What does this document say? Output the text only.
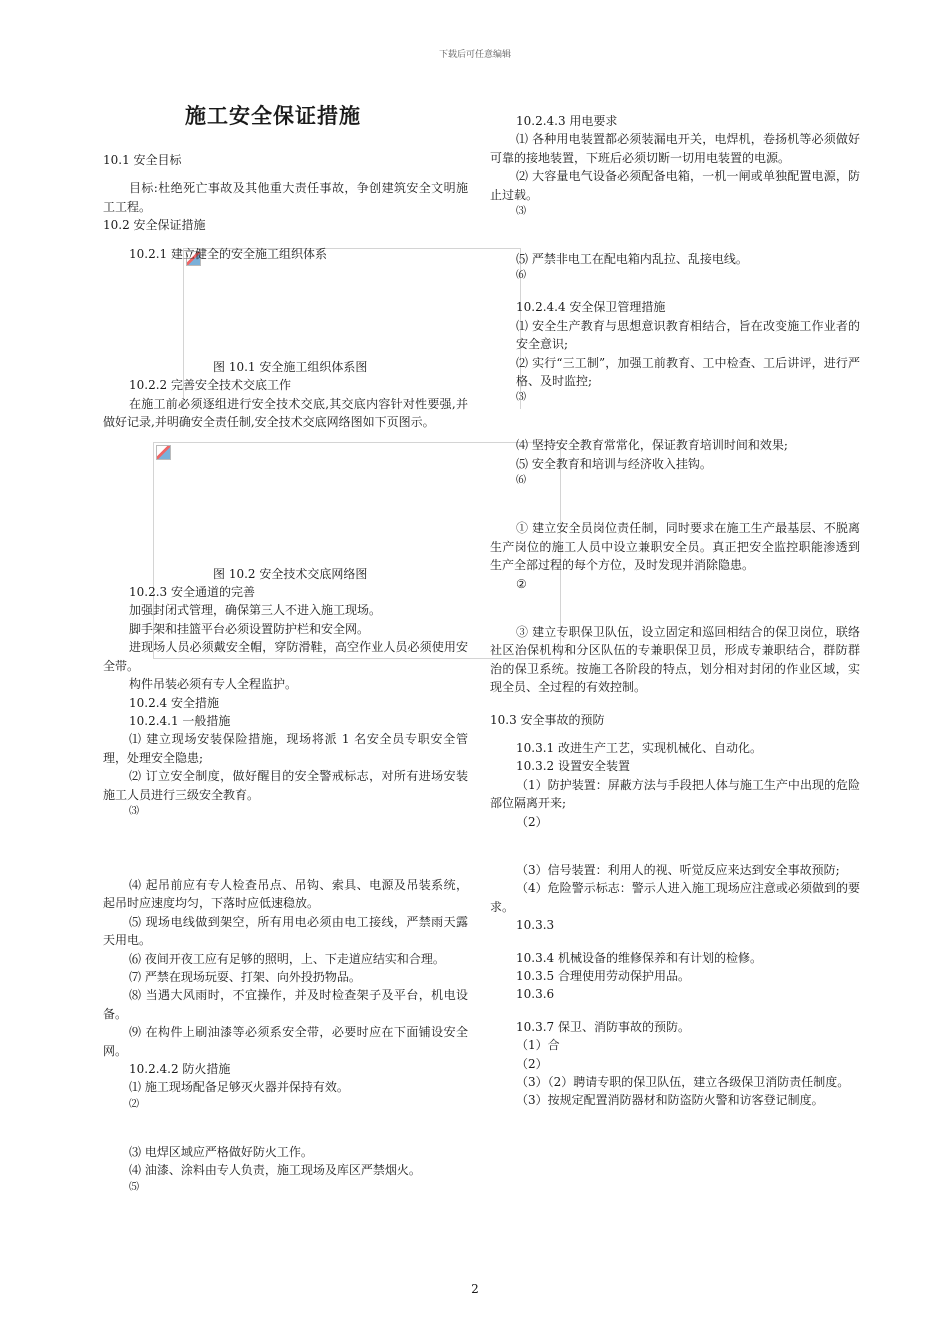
下载后可任意编辑
施工安全保证措施

10.1 安全目标

目标:杜绝死亡事故及其他重大责任事故，争创建筑安全文明施工工程。

10.2 安全保证措施

10.2.1 建立健全的安全施工组织体系

图 10.1 安全施工组织体系图

10.2.2 完善安全技术交底工作

在施工前必须逐组进行安全技术交底,其交底内容针对性要强,并做好记录,并明确安全责任制,安全技术交底网络图如下页图示。

图 10.2 安全技术交底网络图

10.2.3 安全通道的完善

加强封闭式管理，确保第三人不进入施工现场。

脚手架和挂篮平台必须设置防护栏和安全网。

进现场人员必须戴安全帽，穿防滑鞋，高空作业人员必须使用安全带。

构件吊装必须有专人全程监护。

10.2.4 安全措施

10.2.4.1 一般措施

⑴ 建立现场安装保险措施，现场将派 1 名安全员专职安全管理，处理安全隐患;

⑵ 订立安全制度，做好醒目的安全警戒标志，对所有进场安装施工人员进行三级安全教育。

⑶

⑷ 起吊前应有专人检查吊点、吊钩、索具、电源及吊装系统，起吊时应速度均匀，下落时应低速稳放。

⑸ 现场电线做到架空，所有用电必须由电工接线，严禁雨天露天用电。

⑹ 夜间开夜工应有足够的照明，上、下走道应结实和合理。

⑺ 严禁在现场玩耍、打架、向外投扔物品。

⑻ 当遇大风雨时，不宜操作，并及时检查架子及平台，机电设备。

⑼ 在构件上刷油漆等必须系安全带，必要时应在下面铺设安全网。

10.2.4.2 防火措施

⑴ 施工现场配备足够灭火器并保持有效。

⑵

⑶ 电焊区域应严格做好防火工作。

⑷ 油漆、涂料由专人负责，施工现场及库区严禁烟火。

⑸

10.2.4.3 用电要求

⑴ 各种用电装置都必须装漏电开关，电焊机，卷扬机等必须做好可靠的接地装置，下班后必须切断一切用电装置的电源。

⑵ 大容量电气设备必须配备电箱，一机一闸或单独配置电源，防止过载。

⑶

⑸ 严禁非电工在配电箱内乱拉、乱接电线。

⑹

10.2.4.4 安全保卫管理措施

⑴ 安全生产教育与思想意识教育相结合，旨在改变施工作业者的安全意识;

⑵ 实行“三工制”，加强工前教育、工中检查、工后讲评，进行严格、及时监控;

⑶

⑷ 坚持安全教育常常化，保证教育培训时间和效果;

⑸ 安全教育和培训与经济收入挂钩。

⑹

① 建立安全员岗位责任制，同时要求在施工生产最基层、不脱离生产岗位的施工人员中设立兼职安全员。真正把安全监控职能渗透到生产全部过程的每个方位，及时发现并消除隐患。

②

③ 建立专职保卫队伍，设立固定和巡回相结合的保卫岗位，联络社区治保机构和分区队伍的专兼职保卫员，形成专兼职结合，群防群治的保卫系统。按施工各阶段的特点，划分相对封闭的作业区域，实现全员、全过程的有效控制。

10.3 安全事故的预防

10.3.1 改进生产工艺，实现机械化、自动化。

10.3.2 设置安全装置

（1）防护装置：屏蔽方法与手段把人体与施工生产中出现的危险部位隔离开来;

（2）

（3）信号装置：利用人的视、听觉反应来达到安全事故预防;

（4）危险警示标志：警示人进入施工现场应注意或必须做到的要求。

10.3.3

10.3.4 机械设备的维修保养和有计划的检修。

10.3.5 合理使用劳动保护用品。

10.3.6

10.3.7 保卫、消防事故的预防。

（1）合

（2）

（3）（2）聘请专职的保卫队伍，建立各级保卫消防责任制度。

（3）按规定配置消防器材和防盗防火警和访客登记制度。

2
